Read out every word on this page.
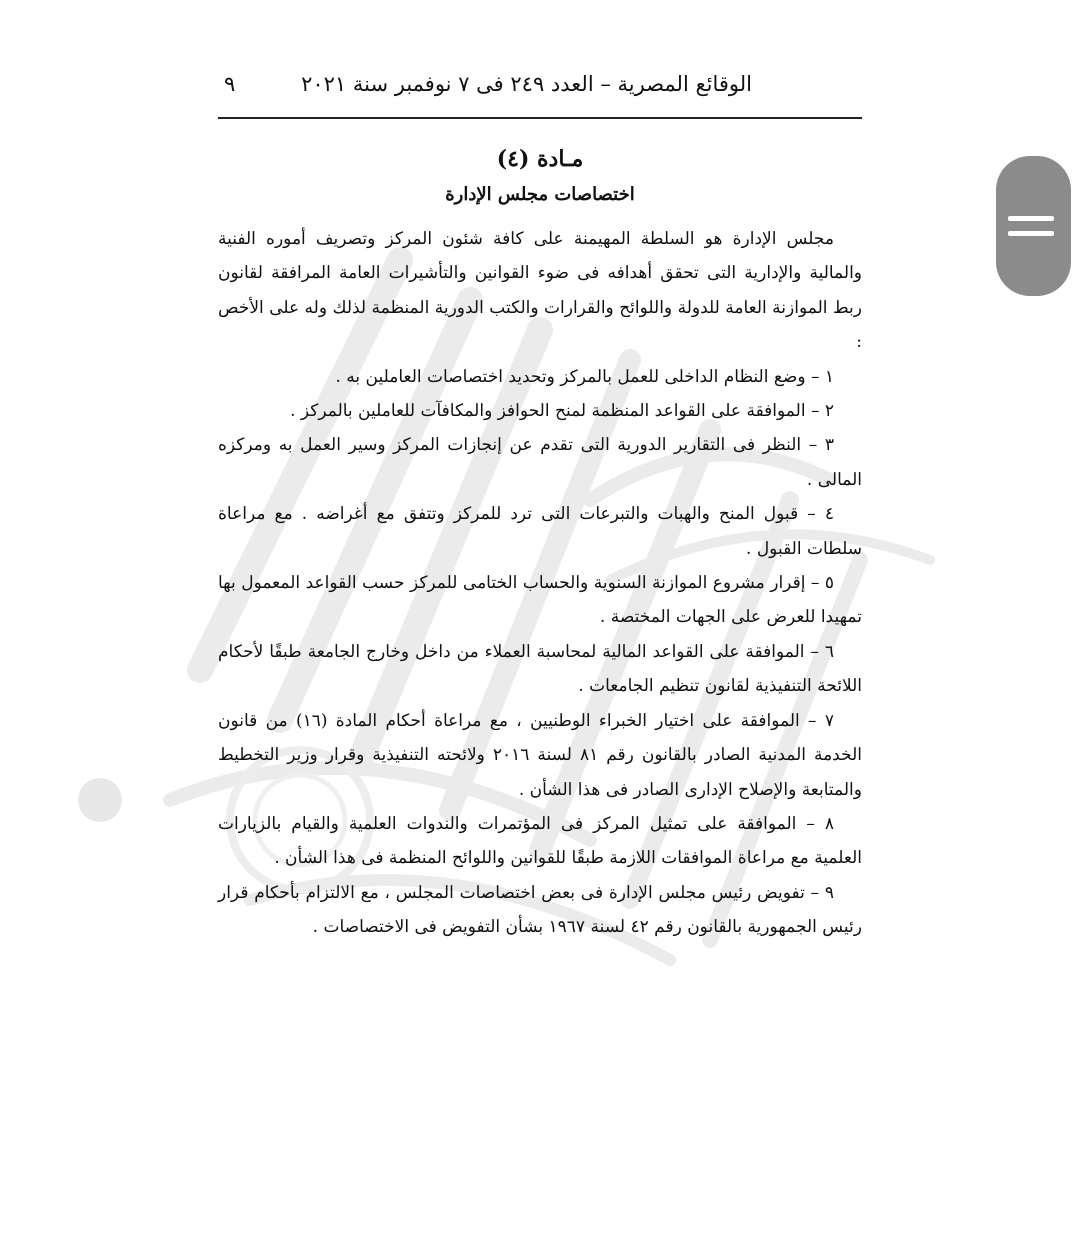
الوقائع المصرية – العدد ٢٤٩ فى ٧ نوفمبر سنة ٢٠٢١
٩
مـادة (٤)
اختصاصات مجلس الإدارة

مجلس الإدارة هو السلطة المهيمنة على كافة شئون المركز وتصريف أموره الفنية والمالية والإدارية التى تحقق أهدافه فى ضوء القوانين والتأشيرات العامة المرافقة لقانون ربط الموازنة العامة للدولة واللوائح والقرارات والكتب الدورية المنظمة لذلك وله على الأخص :

١ – وضع النظام الداخلى للعمل بالمركز وتحديد اختصاصات العاملين به .

٢ – الموافقة على القواعد المنظمة لمنح الحوافز والمكافآت للعاملين بالمركز .

٣ – النظر فى التقارير الدورية التى تقدم عن إنجازات المركز وسير العمل به ومركزه المالى .

٤ – قبول المنح والهبات والتبرعات التى ترد للمركز وتتفق مع أغراضه . مع مراعاة سلطات القبول .

٥ – إقرار مشروع الموازنة السنوية والحساب الختامى للمركز حسب القواعد المعمول بها تمهيدا للعرض على الجهات المختصة .

٦ – الموافقة على القواعد المالية لمحاسبة العملاء من داخل وخارج الجامعة طبقًا لأحكام اللائحة التنفيذية لقانون تنظيم الجامعات .

٧ – الموافقة على اختيار الخبراء الوطنيين ، مع مراعاة أحكام المادة (١٦) من قانون الخدمة المدنية الصادر بالقانون رقم ٨١ لسنة ٢٠١٦ ولائحته التنفيذية وقرار وزير التخطيط والمتابعة والإصلاح الإدارى الصادر فى هذا الشأن .

٨ – الموافقة على تمثيل المركز فى المؤتمرات والندوات العلمية والقيام بالزيارات العلمية مع مراعاة الموافقات اللازمة طبقًا للقوانين واللوائح المنظمة فى هذا الشأن .

٩ – تفويض رئيس مجلس الإدارة فى بعض اختصاصات المجلس ، مع الالتزام بأحكام قرار رئيس الجمهورية بالقانون رقم ٤٢ لسنة ١٩٦٧ بشأن التفويض فى الاختصاصات .
